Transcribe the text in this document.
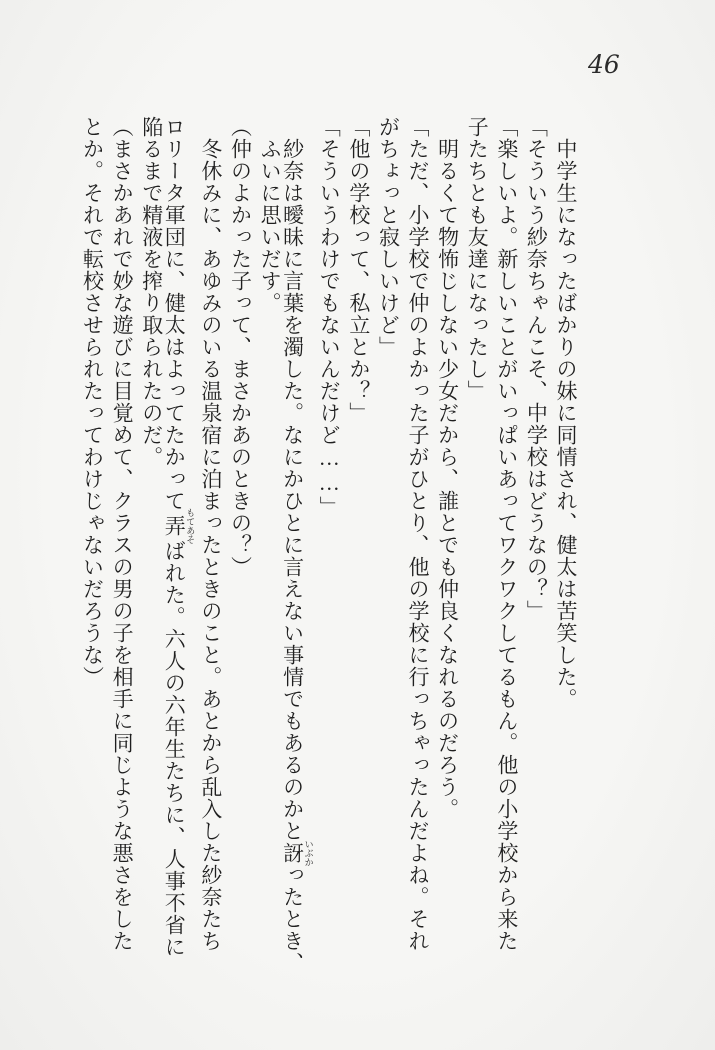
46

　中学生になったばかりの妹に同情され、健太は苦笑した。

「そういう紗奈ちゃんこそ、中学校はどうなの？」

「楽しいよ。新しいことがいっぱいあってワクワクしてるもん。他の小学校から来た

子たちとも友達になったし」

　明るくて物怖じしない少女だから、誰とでも仲良くなれるのだろう。

「ただ、小学校で仲のよかった子がひとり、他の学校に行っちゃったんだよね。それ

がちょっと寂しいけど」

「他の学校って、私立とか？」

「そういうわけでもないんだけど……」

　紗奈は曖昧に言葉を濁した。なにかひとに言えない事情でもあるのかと訝 いぶかったとき、

　ふいに思いだす。

（仲のよかった子って、まさかあのときの？）

　冬休みに、あゆみのいる温泉宿に泊まったときのこと。あとから乱入した紗奈たち

ロリータ軍団に、健太はよってたかって弄 もてあそばれた。六人の六年生たちに、人事不省に

陥るまで精液を搾り取られたのだ。

（まさかあれで妙な遊びに目覚めて、クラスの男の子を相手に同じような悪さをした

とか。それで転校させられたってわけじゃないだろうな）
